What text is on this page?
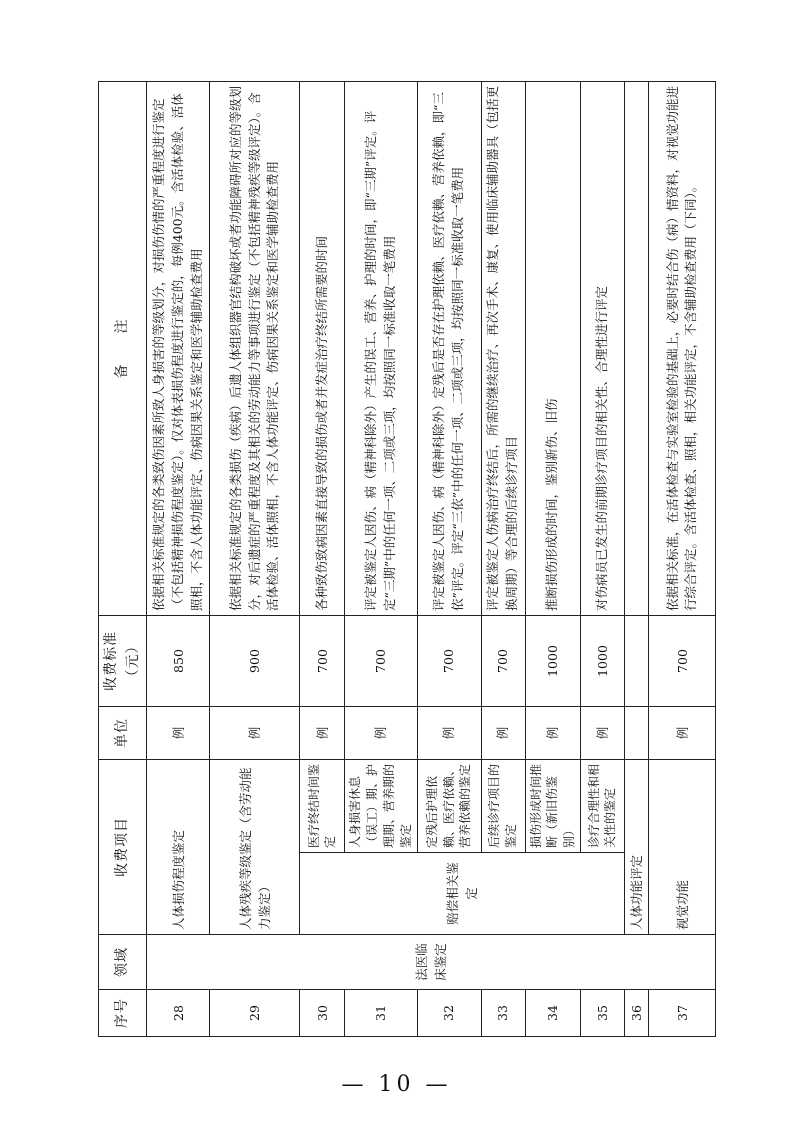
序号	领域	收费项目		单位	收费标准（元）	备　　注
28	法医临床鉴定	人体损伤程度鉴定		例	850	依据相关标准规定的各类致伤因素所致人身损害的等级划分，对损伤伤情的严重程度进行鉴定（不包括精神损伤程度鉴定）。仅对体表损伤程度进行鉴定的，每例400元。含活体检验、活体照相，不含人体功能评定、伤病因果关系鉴定和医学辅助检查费用
29		人体残疾等级鉴定（含劳动能力鉴定）		例	900	依据相关标准规定的各类损伤（疾病）后遗人体组织器官结构破坏或者功能障碍所对应的等级划分，对后遗症的严重程度及其相关的劳动能力等事项进行鉴定（不包括精神残疾等级评定）。含活体检验、活体照相，不含人体功能评定、伤病因果关系鉴定和医学辅助检查费用
30		赔偿相关鉴定	医疗终结时间鉴定	例	700	各种致伤致病因素直接导致的损伤或者并发症治疗终结所需要的时间
31			人身损害休息（误工）期、护理期、营养期的鉴定	例	700	评定被鉴定人因伤、病（精神科除外）产生的误工、营养、护理的时间，即“三期”评定。评定“三期”中的任何一项、二项或三项，均按照同一标准收取一笔费用
32			定残后护理依赖、医疗依赖、营养依赖的鉴定	例	700	评定被鉴定人因伤、病（精神科除外）定残后是否存在护理依赖、医疗依赖、营养依赖，即“三依”评定。评定“三依”中的任何一项、二项或三项，均按照同一标准收取一笔费用
33			后续诊疗项目的鉴定	例	700	评定被鉴定人伤病治疗终结后，所需的继续治疗、再次手术、康复、使用临床辅助器具（包括更换周期）等合理的后续诊疗项目
34			损伤形成时间推断（新旧伤鉴别）	例	1000	推断损伤形成的时间，鉴别新伤、旧伤
35			诊疗合理性和相关性的鉴定	例	1000	对伤病员已发生的前期诊疗项目的相关性、合理性进行评定
36		人体功能评定				
37		视觉功能		例	700	依据相关标准，在活体检查与实验室检验的基础上，必要时结合伤（病）情资料，对视觉功能进行综合评定。含活体检查、照相，相关功能评定，不含辅助检查费用（下同）。
— 10 —
